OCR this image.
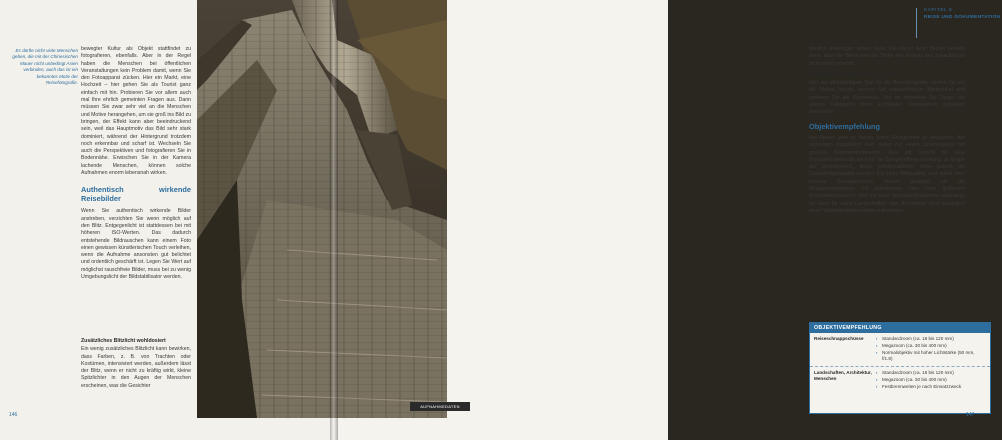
Es dürfte nicht viele Menschen geben, die mit der Chinesischen Mauer nicht unbedingt Asien verbinden, auch das ist ein bekanntes Motiv der Reisefotografie.

bewegter Kultur als Objekt stattfindet zu fotografieren, ebenfalls. Aber in der Regel haben die Menschen bei öffentlichen Veranstaltungen kein Problem damit, wenn Sie den Fotoapparat zücken. Hier ein Markt, eine Hochzeit – hier gehen Sie als Tourist ganz einfach mit hin. Probieren Sie vor allem auch mal Ihre ehrlich gemeinten Fragen aus. Dann müssen Sie zwar sehr viel an die Menschen und Motive herangehen, um sie groß ins Bild zu bringen, der Effekt kann aber beeindruckend sein, weil das Hauptmotiv das Bild sehr stark dominiert, während der Hintergrund trotzdem noch erkennbar und scharf ist. Wechseln Sie auch die Perspektiven und fotografieren Sie in Bodennähe. Erwischen Sie in der Kamera lachende Menschen, können solche Aufnahmen enorm lebensnah wirken.

Authentisch wirkende Reisebilder

Wenn Sie authentisch wirkende Bilder anstreben, verzichten Sie wenn möglich auf den Blitz. Entgegenlicht ist stattdessen bei mit höheren ISO-Werten. Das dadurch entstehende Bildrauschen kann einem Foto einen gewissen künstlerischen Touch verleihen, wenn die Aufnahme ansonsten gut belichtet und ordentlich geschärft ist. Legen Sie Wert auf möglichst rauschfreie Bilder, muss bei zu wenig Umgebungslicht der Bildstabilisator werden.

Zusätzliches Blitzlicht wohldosiert

Ein wenig zusätzliches Blitzlicht kann bewirken, dass Farben, z. B. von Trachten oder Kostümen, intensiviert werden, außerdem lässt der Blitz, wenn er nicht zu kräftig wirkt, kleine Spitzlichter in den Augen der Menschen erscheinen, was die Gesichter

146
KAPITEL 8
REISE UND DOKUMENTATION

deutlich lebendiger wirken lässt. Die Kunst beim Blitzen besteht darin, dass der Betrachter der Bilder den Einsatz des Zusatzblitzes nicht sofort erkennt.

Ungewöhnliche Blickwinkel suchen

Hier der allerwichtigste Tipp für die Reisefotografie: Gehen Sie um die Motive herum, suchen Sie ungewöhnliche Blickwinkel und variieren Sie die Brennweite. Nur so entstehen Sie Dinge, die andere Fotografen beim Empfehlen Vorbeigehen garantiert übersehen.

Objektivempfehlung

Auf Reisen geht es darum, keine Gelegenheit zu verpassen. Am sichersten fotografiert man daher mit einem Zoomobjektiv mit großem Brennweitenbereich. Das gilt sowohl für eine Kompaktkamera als auch für die Spiegelreflexausrüstung. Je länger der Zoombereich, desto problematischer kann jedoch die Darstellungsqualität werden. Für hohe Bildqualität sind daher eher kürzere Standardzooms besser geeignet als die Megazoomobjektive mit zehnfachem oder noch größerem Brennweitenbereich. Wer mit einer Spiegelreflexkamera unterwegs ist, kann für seine Landschaften oder Architektur noch zusätzlich einen Weitwinkelbrennweiten mitnehmen.

OBJEKTIVEMPFEHLUNG
Reiseschnappschüsse
▪	Standardzoom (ca. 18 bis 120 mm)
▪ Megazoom (ca. 30 bis 400 mm)
▪ Normalobjektiv mit hoher Lichtstärke (50 mm, f/1.8)
Landschaften, Architektur, Menschen
▪ Standardzoom (ca. 18 bis 120 mm)
▪ Megazoom (ca. 30 bis 400 mm)
▪ Festbrennweiten je nach Einsatzzweck
147
AUFNAHMEDATEN
